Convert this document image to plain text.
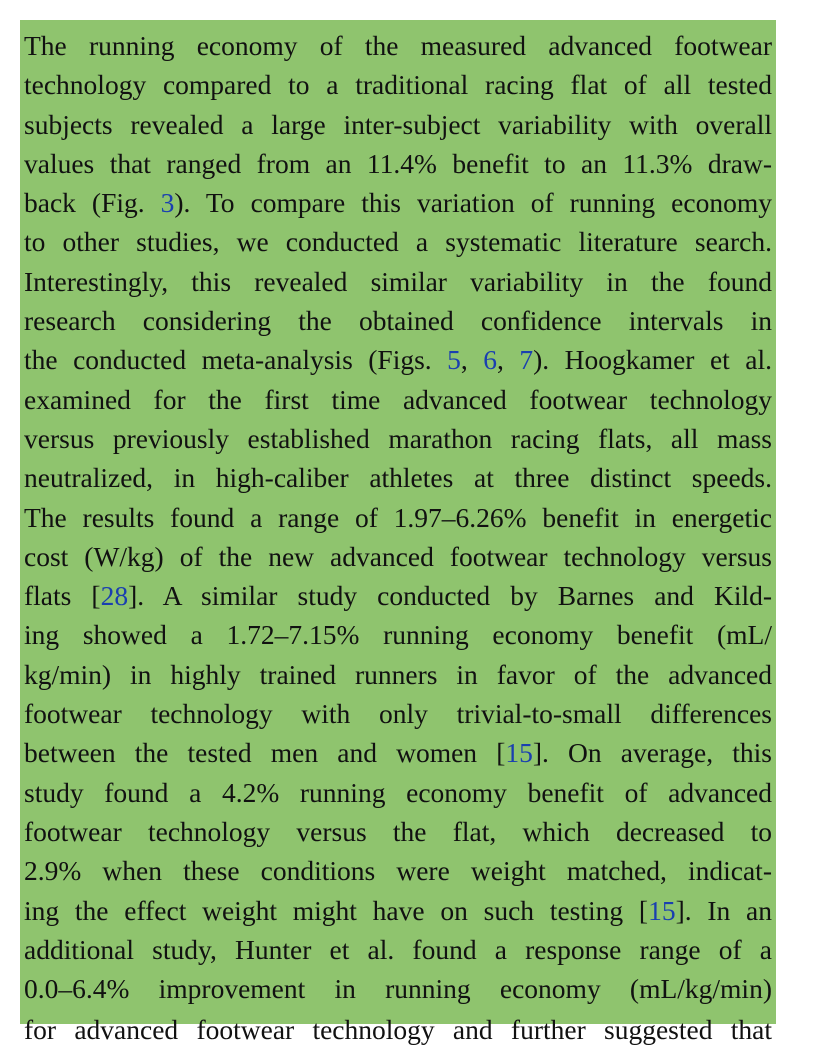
The running economy of the measured advanced footwear
technology compared to a traditional racing flat of all tested
subjects revealed a large inter-subject variability with overall
values that ranged from an 11.4% benefit to an 11.3% draw-
back (Fig. 3). To compare this variation of running economy
to other studies, we conducted a systematic literature search.
Interestingly, this revealed similar variability in the found
research considering the obtained confidence intervals in
the conducted meta-analysis (Figs. 5, 6, 7). Hoogkamer et al.
examined for the first time advanced footwear technology
versus previously established marathon racing flats, all mass
neutralized, in high-caliber athletes at three distinct speeds.
The results found a range of 1.97–6.26% benefit in energetic
cost (W/kg) of the new advanced footwear technology versus
flats [28]. A similar study conducted by Barnes and Kild-
ing showed a 1.72–7.15% running economy benefit (mL/
kg/min) in highly trained runners in favor of the advanced
footwear technology with only trivial-to-small differences
between the tested men and women [15]. On average, this
study found a 4.2% running economy benefit of advanced
footwear technology versus the flat, which decreased to
2.9% when these conditions were weight matched, indicat-
ing the effect weight might have on such testing [15]. In an
additional study, Hunter et al. found a response range of a
0.0–6.4% improvement in running economy (mL/kg/min)
for advanced footwear technology and further suggested that
